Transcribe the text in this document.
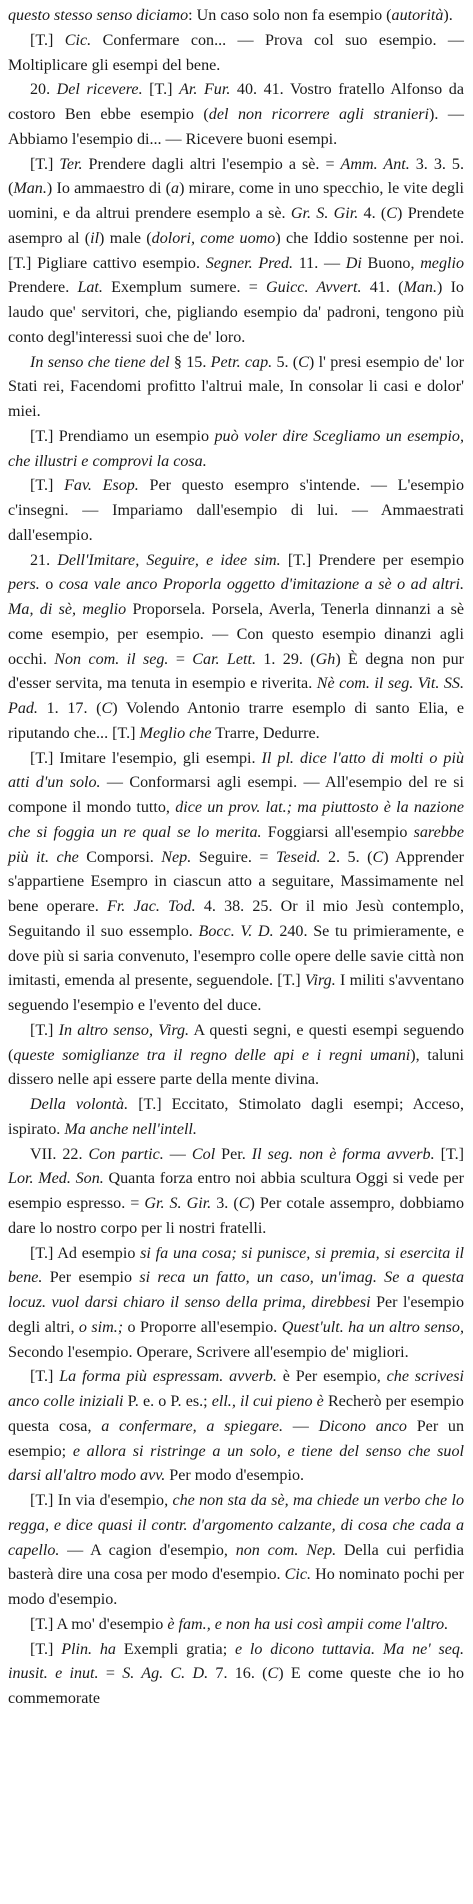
questo stesso senso diciamo: Un caso solo non fa esempio (autorità).

[T.] Cic. Confermare con... — Prova col suo esempio. — Moltiplicare gli esempi del bene.

20. Del ricevere. [T.] Ar. Fur. 40. 41. Vostro fratello Alfonso da costoro Ben ebbe esempio (del non ricorrere agli stranieri). — Abbiamo l'esempio di... — Ricevere buoni esempi.

[T.] Ter. Prendere dagli altri l'esempio a sè. = Amm. Ant. 3. 3. 5. (Man.) Io ammaestro di (a) mirare, come in uno specchio, le vite degli uomini, e da altrui prendere esemplo a sè. Gr. S. Gir. 4. (C) Prendete asempro al (il) male (dolori, come uomo) che Iddio sostenne per noi. [T.] Pigliare cattivo esempio. Segner. Pred. 11. — Di Buono, meglio Prendere. Lat. Exemplum sumere. = Guicc. Avvert. 41. (Man.) Io laudo que' servitori, che, pigliando esempio da' padroni, tengono più conto degl'interessi suoi che de' loro.

In senso che tiene del § 15. Petr. cap. 5. (C) l' presi esempio de' lor Stati rei, Facendomi profitto l'altrui male, In consolar li casi e dolor' miei.

[T.] Prendiamo un esempio può voler dire Scegliamo un esempio, che illustri e comprovi la cosa.

[T.] Fav. Esop. Per questo esempro s'intende. — L'esempio c'insegni. — Impariamo dall'esempio di lui. — Ammaestrati dall'esempio.

21. Dell'Imitare, Seguire, e idee sim. [T.] Prendere per esempio pers. o cosa vale anco Proporla oggetto d'imitazione a sè o ad altri. Ma, di sè, meglio Proporsela. Porsela, Averla, Tenerla dinnanzi a sè come esempio, per esempio. — Con questo esempio dinanzi agli occhi. Non com. il seg. = Car. Lett. 1. 29. (Gh) È degna non pur d'esser servita, ma tenuta in esempio e riverita. Nè com. il seg. Vit. SS. Pad. 1. 17. (C) Volendo Antonio trarre esemplo di santo Elia, e riputando che... [T.] Meglio che Trarre, Dedurre.

[T.] Imitare l'esempio, gli esempi. Il pl. dice l'atto di molti o più atti d'un solo. — Conformarsi agli esempi. — All'esempio del re si compone il mondo tutto, dice un prov. lat.; ma piuttosto è la nazione che si foggia un re qual se lo merita. Foggiarsi all'esempio sarebbe più it. che Comporsi. Nep. Seguire. = Teseid. 2. 5. (C) Apprender s'appartiene Esempro in ciascun atto a seguitare, Massimamente nel bene operare. Fr. Jac. Tod. 4. 38. 25. Or il mio Jesù contemplo, Seguitando il suo essemplo. Bocc. V. D. 240. Se tu primieramente, e dove più si saria convenuto, l'esempro colle opere delle savie città non imitasti, emenda al presente, seguendole. [T.] Virg. I militi s'avventano seguendo l'esempio e l'evento del duce.

[T.] In altro senso, Virg. A questi segni, e questi esempi seguendo (queste somiglianze tra il regno delle api e i regni umani), taluni dissero nelle api essere parte della mente divina.

Della volontà. [T.] Eccitato, Stimolato dagli esempi; Acceso, ispirato. Ma anche nell'intell.

VII. 22. Con partic. — Col Per. Il seg. non è forma avverb. [T.] Lor. Med. Son. Quanta forza entro noi abbia scultura Oggi si vede per esempio espresso. = Gr. S. Gir. 3. (C) Per cotale assempro, dobbiamo dare lo nostro corpo per li nostri fratelli.

[T.] Ad esempio si fa una cosa; si punisce, si premia, si esercita il bene. Per esempio si reca un fatto, un caso, un'imag. Se a questa locuz. vuol darsi chiaro il senso della prima, direbbesi Per l'esempio degli altri, o sim.; o Proporre all'esempio. Quest'ult. ha un altro senso, Secondo l'esempio. Operare, Scrivere all'esempio de' migliori.

[T.] La forma più espressam. avverb. è Per esempio, che scrivesi anco colle iniziali P. e. o P. es.; ell., il cui pieno è Recherò per esempio questa cosa, a confermare, a spiegare. — Dicono anco Per un esempio; e allora si ristringe a un solo, e tiene del senso che suol darsi all'altro modo avv. Per modo d'esempio.

[T.] In via d'esempio, che non sta da sè, ma chiede un verbo che lo regga, e dice quasi il contr. d'argomento calzante, di cosa che cada a capello. — A cagion d'esempio, non com. Nep. Della cui perfidia basterà dire una cosa per modo d'esempio. Cic. Ho nominato pochi per modo d'esempio.

[T.] A mo' d'esempio è fam., e non ha usi così ampii come l'altro.

[T.] Plin. ha Exempli gratia; e lo dicono tuttavia. Ma ne' seq. inusit. e inut. = S. Ag. C. D. 7. 16. (C) E come queste che io ho commemorate
